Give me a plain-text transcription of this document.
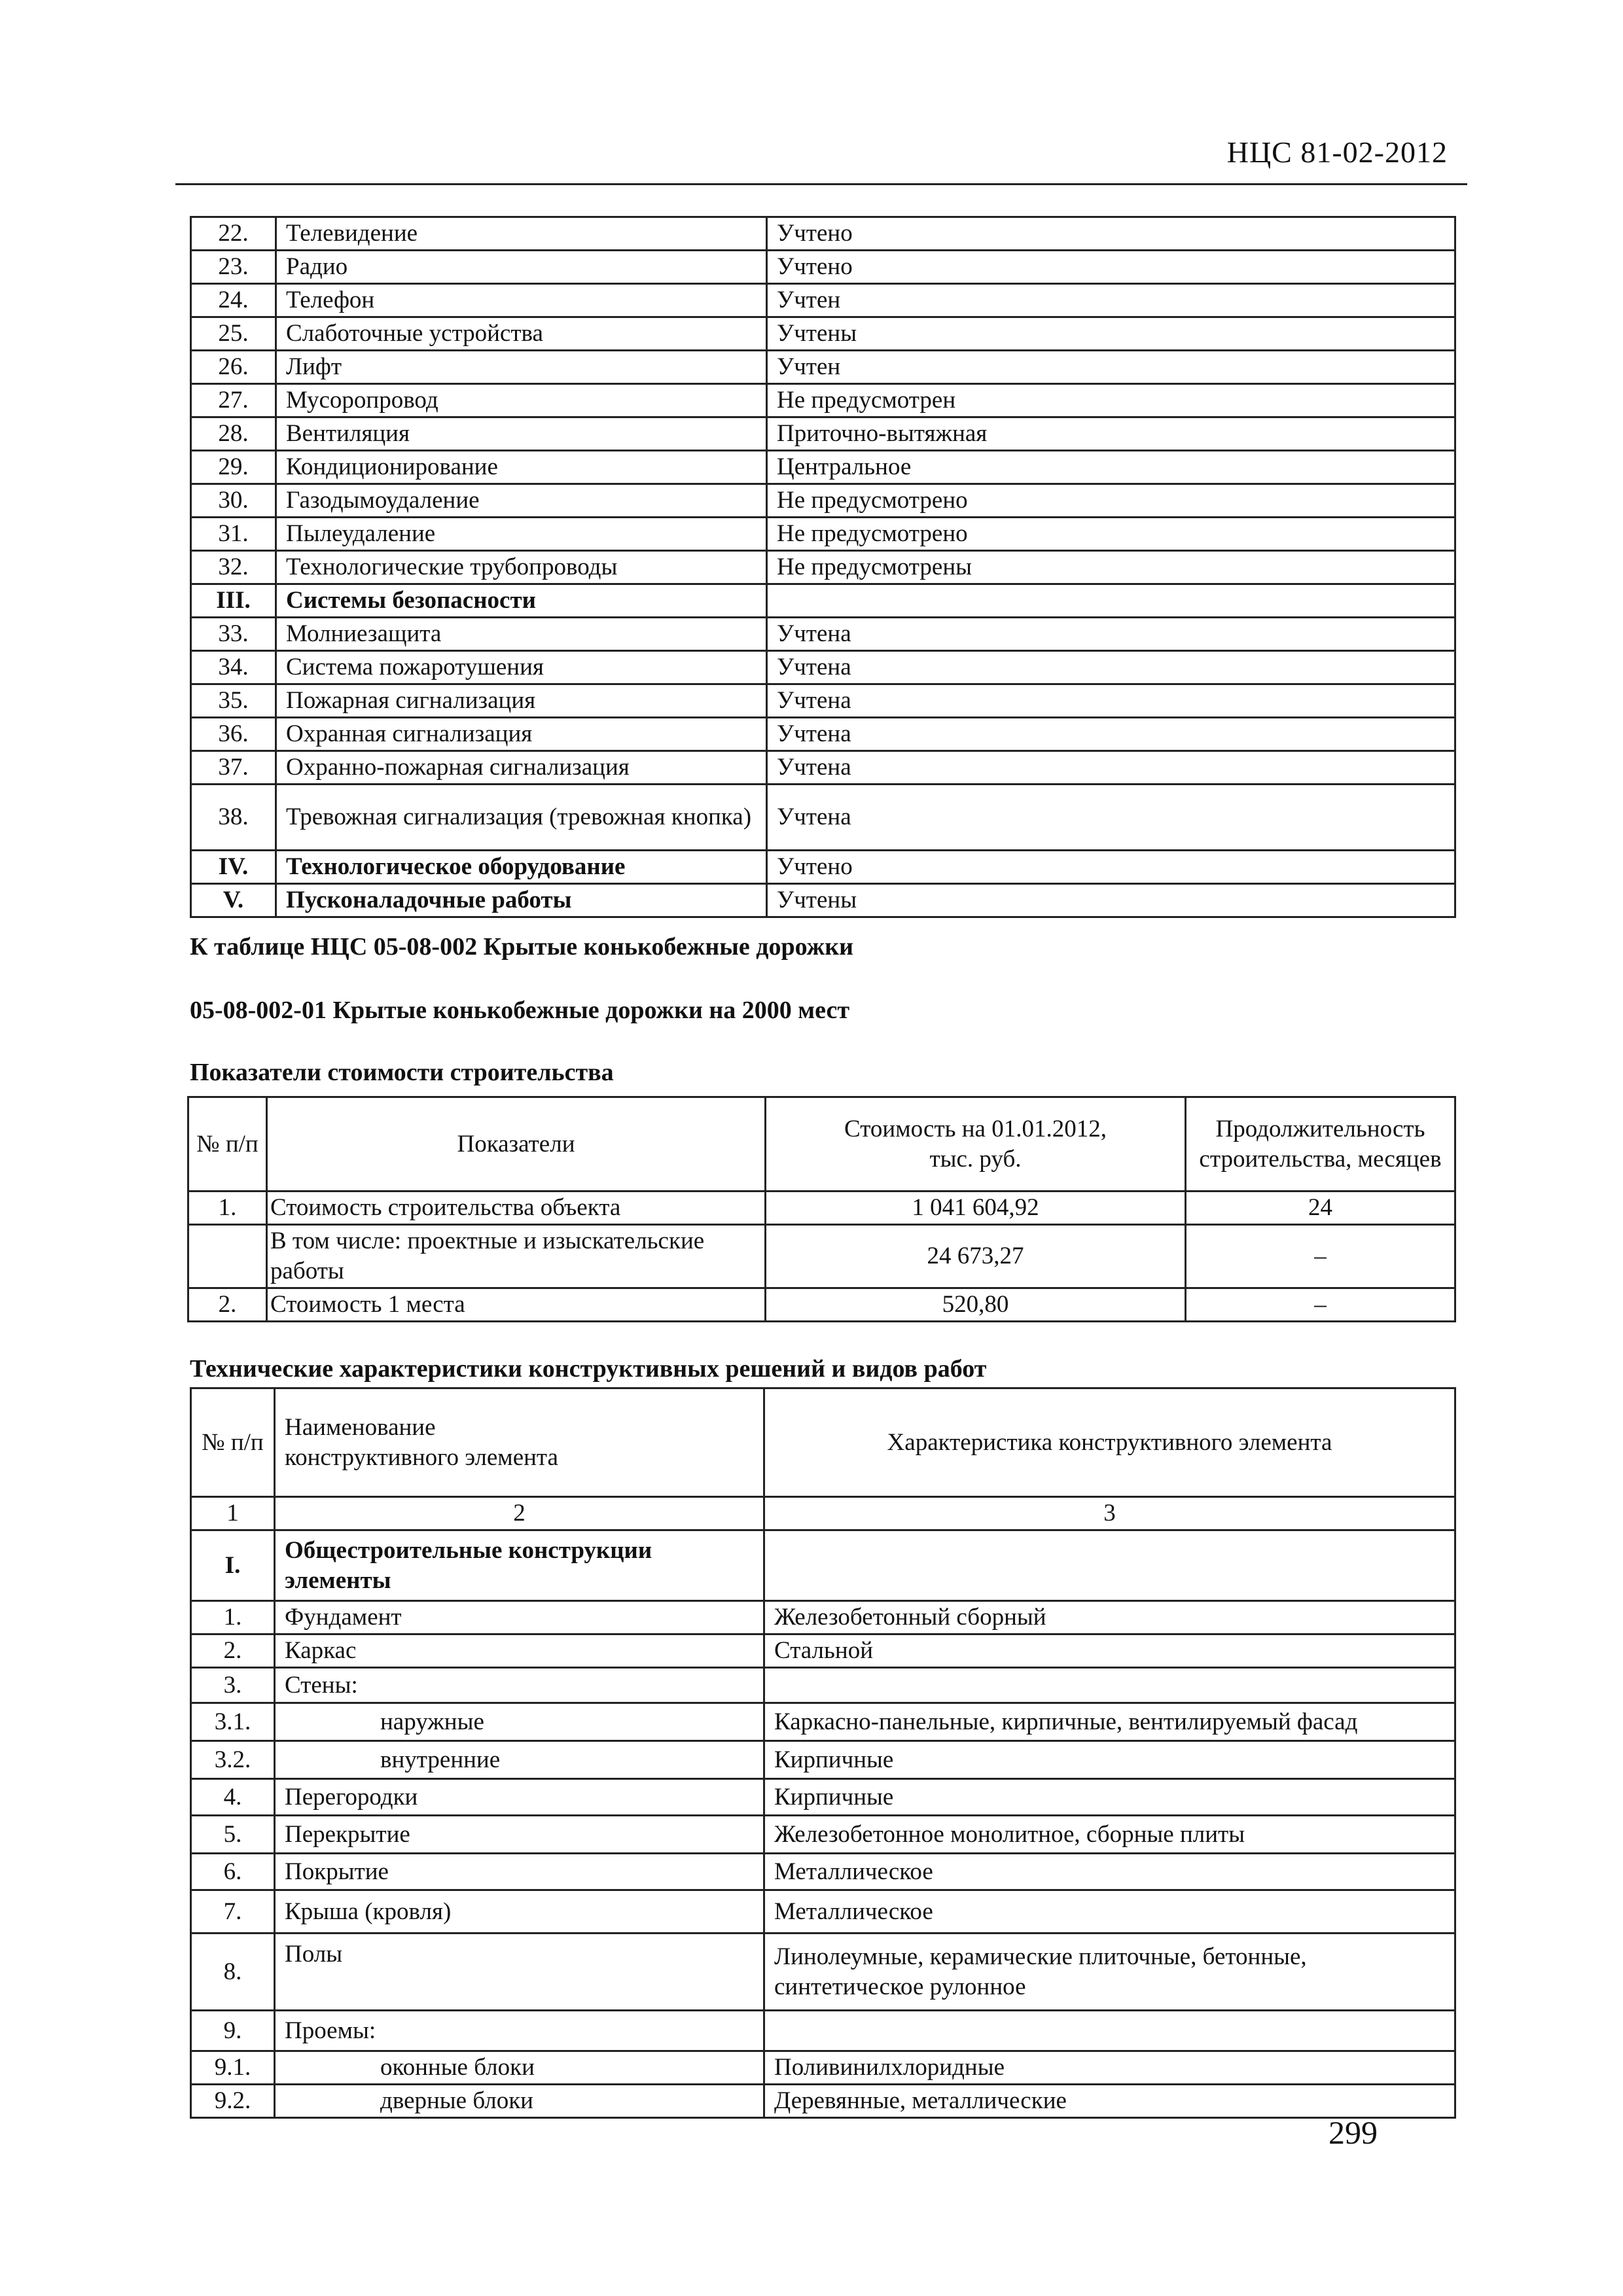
НЦС 81-02-2012
22.	Телевидение	Учтено
23.	Радио	Учтено
24.	Телефон	Учтен
25.	Слаботочные устройства	Учтены
26.	Лифт	Учтен
27.	Мусоропровод	Не предусмотрен
28.	Вентиляция	Приточно-вытяжная
29.	Кондиционирование	Центральное
30.	Газодымоудаление	Не предусмотрено
31.	Пылеудаление	Не предусмотрено
32.	Технологические трубопроводы	Не предусмотрены
III.	Системы безопасности	
33.	Молниезащита	Учтена
34.	Система пожаротушения	Учтена
35.	Пожарная сигнализация	Учтена
36.	Охранная сигнализация	Учтена
37.	Охранно-пожарная сигнализация	Учтена
38.	Тревожная сигнализация (тревожная кнопка)	Учтена
IV.	Технологическое оборудование	Учтено
V.	Пусконаладочные работы	Учтены
К таблице НЦС 05-08-002 Крытые конькобежные дорожки
05-08-002-01 Крытые конькобежные дорожки на 2000 мест
Показатели стоимости строительства
№ п/п	Показатели	Стоимость на 01.01.2012, тыс. руб.	Продолжительность строительства, месяцев
1.	Стоимость строительства объекта	1 041 604,92	24
	В том числе: проектные и изыскательские работы	24 673,27	–
2.	Стоимость 1 места	520,80	–
Технические характеристики конструктивных решений и видов работ
№ п/п	Наименование конструктивного элемента	Характеристика конструктивного элемента
1	2	3
I.	Общестроительные конструкции элементы	
1.	Фундамент	Железобетонный сборный
2.	Каркас	Стальной
3.	Стены:	
3.1.	наружные	Каркасно-панельные, кирпичные, вентилируемый фасад
3.2.	внутренние	Кирпичные
4.	Перегородки	Кирпичные
5.	Перекрытие	Железобетонное монолитное, сборные плиты
6.	Покрытие	Металлическое
7.	Крыша (кровля)	Металлическое
8.	Полы	Линолеумные, керамические плиточные, бетонные, синтетическое рулонное
9.	Проемы:	
9.1.	оконные блоки	Поливинилхлоридные
9.2.	дверные блоки	Деревянные, металлические
299
